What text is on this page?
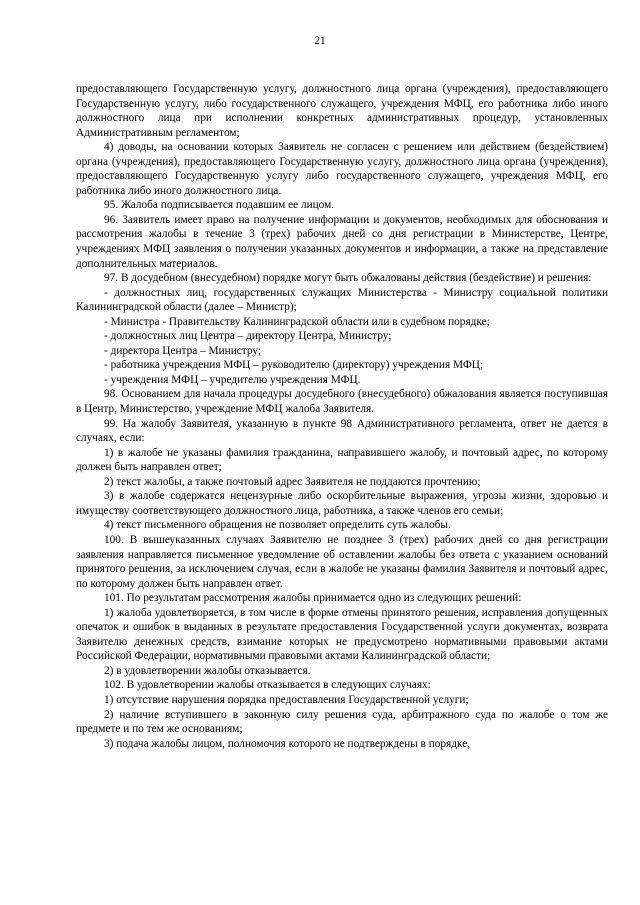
21

предоставляющего Государственную услугу, должностного лица органа (учреждения), предоставляющего Государственную услугу, либо государственного служащего, учреждения МФЦ, его работника либо иного должностного лица при исполнении конкретных административных процедур, установленных Административным регламентом;

4) доводы, на основании которых Заявитель не согласен с решением или действием (бездействием) органа (учреждения), предоставляющего Государственную услугу, должностного лица органа (учреждения), предоставляющего Государственную услугу либо государственного служащего, учреждения МФЦ, его работника либо иного должностного лица.

95. Жалоба подписывается подавшим ее лицом.

96. Заявитель имеет право на получение информации и документов, необходимых для обоснования и рассмотрения жалобы в течение 3 (трех) рабочих дней со дня регистрации в Министерстве, Центре, учреждениях МФЦ заявления о получении указанных документов и информации, а также на представление дополнительных материалов.

97. В досудебном (внесудебном) порядке могут быть обжалованы действия (бездействие) и решения:

- должностных лиц, государственных служащих Министерства - Министру социальной политики Калининградской области (далее – Министр);

- Министра - Правительству Калининградской области или в судебном порядке;

- должностных лиц Центра – директору Центра, Министру;

- директора Центра – Министру;

- работника учреждения МФЦ – руководителю (директору) учреждения МФЦ;

- учреждения МФЦ – учредителю учреждения МФЦ.

98. Основанием для начала процедуры досудебного (внесудебного) обжалования является поступившая в Центр, Министерство, учреждение МФЦ жалоба Заявителя.

99. На жалобу Заявителя, указанную в пункте 98 Административного регламента, ответ не дается в случаях, если:

1) в жалобе не указаны фамилия гражданина, направившего жалобу, и почтовый адрес, по которому должен быть направлен ответ;

2) текст жалобы, а также почтовый адрес Заявителя не поддаются прочтению;

3) в жалобе содержатся нецензурные либо оскорбительные выражения, угрозы жизни, здоровью и имуществу соответствующего должностного лица, работника, а также членов его семьи;

4) текст письменного обращения не позволяет определить суть жалобы.

100. В вышеуказанных случаях Заявителю не позднее 3 (трех) рабочих дней со дня регистрации заявления направляется письменное уведомление об оставлении жалобы без ответа с указанием оснований принятого решения, за исключением случая, если в жалобе не указаны фамилия Заявителя и почтовый адрес, по которому должен быть направлен ответ.

101. По результатам рассмотрения жалобы принимается одно из следующих решений:

1) жалоба удовлетворяется, в том числе в форме отмены принятого решения, исправления допущенных опечаток и ошибок в выданных в результате предоставления Государственной услуги документах, возврата Заявителю денежных средств, взимание которых не предусмотрено нормативными правовыми актами Российской Федерации, нормативными правовыми актами Калининградской области;

2) в удовлетворении жалобы отказывается.

102. В удовлетворении жалобы отказывается в следующих случаях:

1) отсутствие нарушения порядка предоставления Государственной услуги;

2) наличие вступившего в законную силу решения суда, арбитражного суда по жалобе о том же предмете и по тем же основаниям;

3) подача жалобы лицом, полномочия которого не подтверждены в порядке,
